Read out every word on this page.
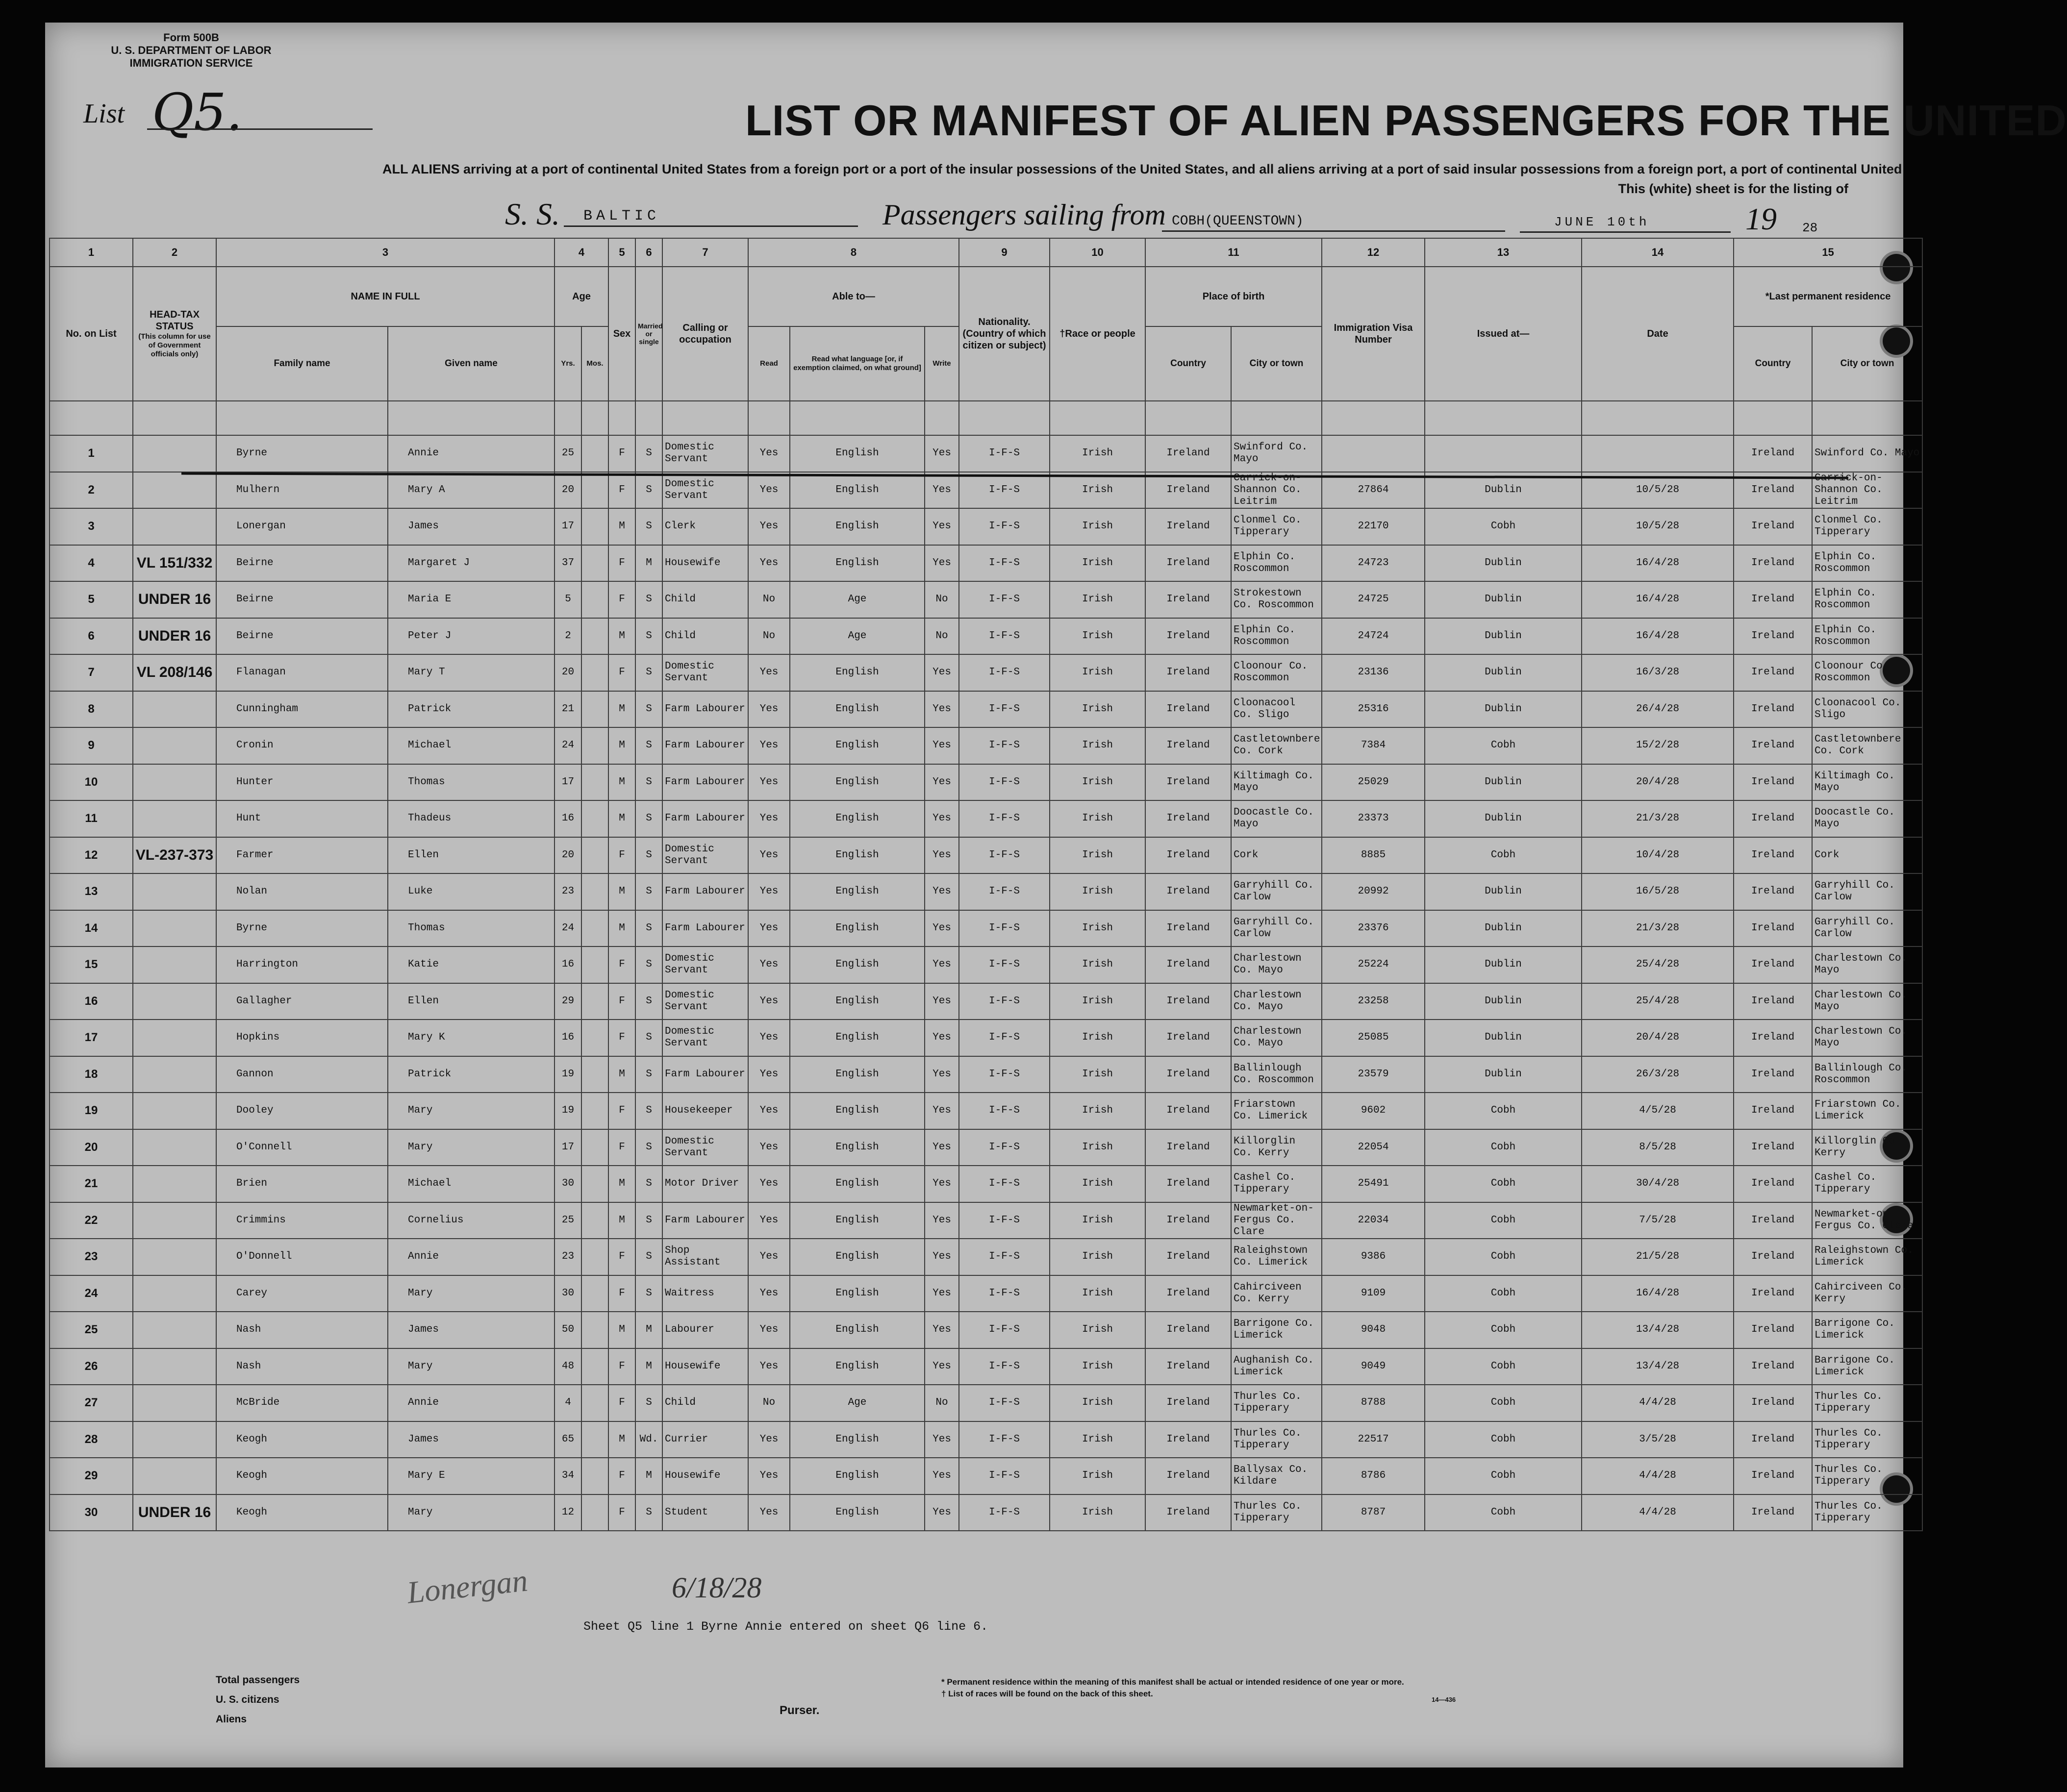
Form 500B
U. S. DEPARTMENT OF LABOR
IMMIGRATION SERVICE
List Q5.	LIST OR MANIFEST OF ALIEN PASSENGERS FOR THE UNITED
ALL ALIENS arriving at a port of continental United States from a foreign port or a port of the insular possessions of the United States, and all aliens arriving at a port of said insular possessions from a foreign port, a port of continental United
This (white) sheet is for the listing of
S. S. BALTIC	Passengers sailing from COBH(QUEENSTOWN)	JUNE 10th	19 28
1	2	3		4		5	6	7	8			9	10	11		12	13	14	15	
No. on List	HEAD-TAX STATUS
(This column for use of Government officials only)	NAME IN FULL		Age		Sex	Married or single	Calling or occupation	Able to—			Nationality. (Country of which citizen or subject)	†Race or people	Place of birth		Immigration Visa Number	Issued at—	Date	*Last permanent residence	
		Family name	Given name	Yrs.	Mos.				Read	Read what language [or, if exemption claimed, on what ground]	Write			Country	City or town				Country	City or town

1		Byrne	Annie	25		F	S	Domestic Servant	Yes	English	Yes	I-F-S	Irish	Ireland	Swinford Co. Mayo				Ireland	Swinford Co. Mayo
2		Mulhern	Mary A	20		F	S	Domestic Servant	Yes	English	Yes	I-F-S	Irish	Ireland	Carrick-on-Shannon Co. Leitrim	27864	Dublin	10/5/28	Ireland	Carrick-on-Shannon Co. Leitrim
3		Lonergan	James	17		M	S	Clerk	Yes	English	Yes	I-F-S	Irish	Ireland	Clonmel Co. Tipperary	22170	Cobh	10/5/28	Ireland	Clonmel Co. Tipperary
4	VL 151/332	Beirne	Margaret J	37		F	M	Housewife	Yes	English	Yes	I-F-S	Irish	Ireland	Elphin Co. Roscommon	24723	Dublin	16/4/28	Ireland	Elphin Co. Roscommon
5	UNDER 16	Beirne	Maria E	5		F	S	Child	No	Age	No	I-F-S	Irish	Ireland	Strokestown Co. Roscommon	24725	Dublin	16/4/28	Ireland	Elphin Co. Roscommon
6	UNDER 16	Beirne	Peter J	2		M	S	Child	No	Age	No	I-F-S	Irish	Ireland	Elphin Co. Roscommon	24724	Dublin	16/4/28	Ireland	Elphin Co. Roscommon
7	VL 208/146	Flanagan	Mary T	20		F	S	Domestic Servant	Yes	English	Yes	I-F-S	Irish	Ireland	Cloonour Co. Roscommon	23136	Dublin	16/3/28	Ireland	Cloonour Co. Roscommon
8		Cunningham	Patrick	21		M	S	Farm Labourer	Yes	English	Yes	I-F-S	Irish	Ireland	Cloonacool Co. Sligo	25316	Dublin	26/4/28	Ireland	Cloonacool Co. Sligo
9		Cronin	Michael	24		M	S	Farm Labourer	Yes	English	Yes	I-F-S	Irish	Ireland	Castletownbere Co. Cork	7384	Cobh	15/2/28	Ireland	Castletownbere Co. Cork
10		Hunter	Thomas	17		M	S	Farm Labourer	Yes	English	Yes	I-F-S	Irish	Ireland	Kiltimagh Co. Mayo	25029	Dublin	20/4/28	Ireland	Kiltimagh Co. Mayo
11		Hunt	Thadeus	16		M	S	Farm Labourer	Yes	English	Yes	I-F-S	Irish	Ireland	Doocastle Co. Mayo	23373	Dublin	21/3/28	Ireland	Doocastle Co. Mayo
12	VL-237-373	Farmer	Ellen	20		F	S	Domestic Servant	Yes	English	Yes	I-F-S	Irish	Ireland	Cork	8885	Cobh	10/4/28	Ireland	Cork
13		Nolan	Luke	23		M	S	Farm Labourer	Yes	English	Yes	I-F-S	Irish	Ireland	Garryhill Co. Carlow	20992	Dublin	16/5/28	Ireland	Garryhill Co. Carlow
14		Byrne	Thomas	24		M	S	Farm Labourer	Yes	English	Yes	I-F-S	Irish	Ireland	Garryhill Co. Carlow	23376	Dublin	21/3/28	Ireland	Garryhill Co. Carlow
15		Harrington	Katie	16		F	S	Domestic Servant	Yes	English	Yes	I-F-S	Irish	Ireland	Charlestown Co. Mayo	25224	Dublin	25/4/28	Ireland	Charlestown Co. Mayo
16		Gallagher	Ellen	29		F	S	Domestic Servant	Yes	English	Yes	I-F-S	Irish	Ireland	Charlestown Co. Mayo	23258	Dublin	25/4/28	Ireland	Charlestown Co. Mayo
17		Hopkins	Mary K	16		F	S	Domestic Servant	Yes	English	Yes	I-F-S	Irish	Ireland	Charlestown Co. Mayo	25085	Dublin	20/4/28	Ireland	Charlestown Co. Mayo
18		Gannon	Patrick	19		M	S	Farm Labourer	Yes	English	Yes	I-F-S	Irish	Ireland	Ballinlough Co. Roscommon	23579	Dublin	26/3/28	Ireland	Ballinlough Co. Roscommon
19		Dooley	Mary	19		F	S	Housekeeper	Yes	English	Yes	I-F-S	Irish	Ireland	Friarstown Co. Limerick	9602	Cobh	4/5/28	Ireland	Friarstown Co. Limerick
20		O'Connell	Mary	17		F	S	Domestic Servant	Yes	English	Yes	I-F-S	Irish	Ireland	Killorglin Co. Kerry	22054	Cobh	8/5/28	Ireland	Killorglin Co. Kerry
21		Brien	Michael	30		M	S	Motor Driver	Yes	English	Yes	I-F-S	Irish	Ireland	Cashel Co. Tipperary	25491	Cobh	30/4/28	Ireland	Cashel Co. Tipperary
22		Crimmins	Cornelius	25		M	S	Farm Labourer	Yes	English	Yes	I-F-S	Irish	Ireland	Newmarket-on-Fergus Co. Clare	22034	Cobh	7/5/28	Ireland	Newmarket-on-Fergus Co. Clare
23		O'Donnell	Annie	23		F	S	Shop Assistant	Yes	English	Yes	I-F-S	Irish	Ireland	Raleighstown Co. Limerick	9386	Cobh	21/5/28	Ireland	Raleighstown Co. Limerick
24		Carey	Mary	30		F	S	Waitress	Yes	English	Yes	I-F-S	Irish	Ireland	Cahirciveen Co. Kerry	9109	Cobh	16/4/28	Ireland	Cahirciveen Co. Kerry
25		Nash	James	50		M	M	Labourer	Yes	English	Yes	I-F-S	Irish	Ireland	Barrigone Co. Limerick	9048	Cobh	13/4/28	Ireland	Barrigone Co. Limerick
26		Nash	Mary	48		F	M	Housewife	Yes	English	Yes	I-F-S	Irish	Ireland	Aughanish Co. Limerick	9049	Cobh	13/4/28	Ireland	Barrigone Co. Limerick
27		McBride	Annie	4		F	S	Child	No	Age	No	I-F-S	Irish	Ireland	Thurles Co. Tipperary	8788	Cobh	4/4/28	Ireland	Thurles Co. Tipperary
28		Keogh	James	65		M	Wd.	Currier	Yes	English	Yes	I-F-S	Irish	Ireland	Thurles Co. Tipperary	22517	Cobh	3/5/28	Ireland	Thurles Co. Tipperary
29		Keogh	Mary E	34		F	M	Housewife	Yes	English	Yes	I-F-S	Irish	Ireland	Ballysax Co. Kildare	8786	Cobh	4/4/28	Ireland	Thurles Co. Tipperary
30	UNDER 16	Keogh	Mary	12		F	S	Student	Yes	English	Yes	I-F-S	Irish	Ireland	Thurles Co. Tipperary	8787	Cobh	4/4/28	Ireland	Thurles Co. Tipperary
Lonergan	6/18/28
Sheet Q5 line 1 Byrne Annie entered on sheet Q6 line 6.
Total passengers
U. S. citizens
Aliens
Purser.
* Permanent residence within the meaning of this manifest shall be actual or intended residence of one year or more.
† List of races will be found on the back of this sheet.
14—436
